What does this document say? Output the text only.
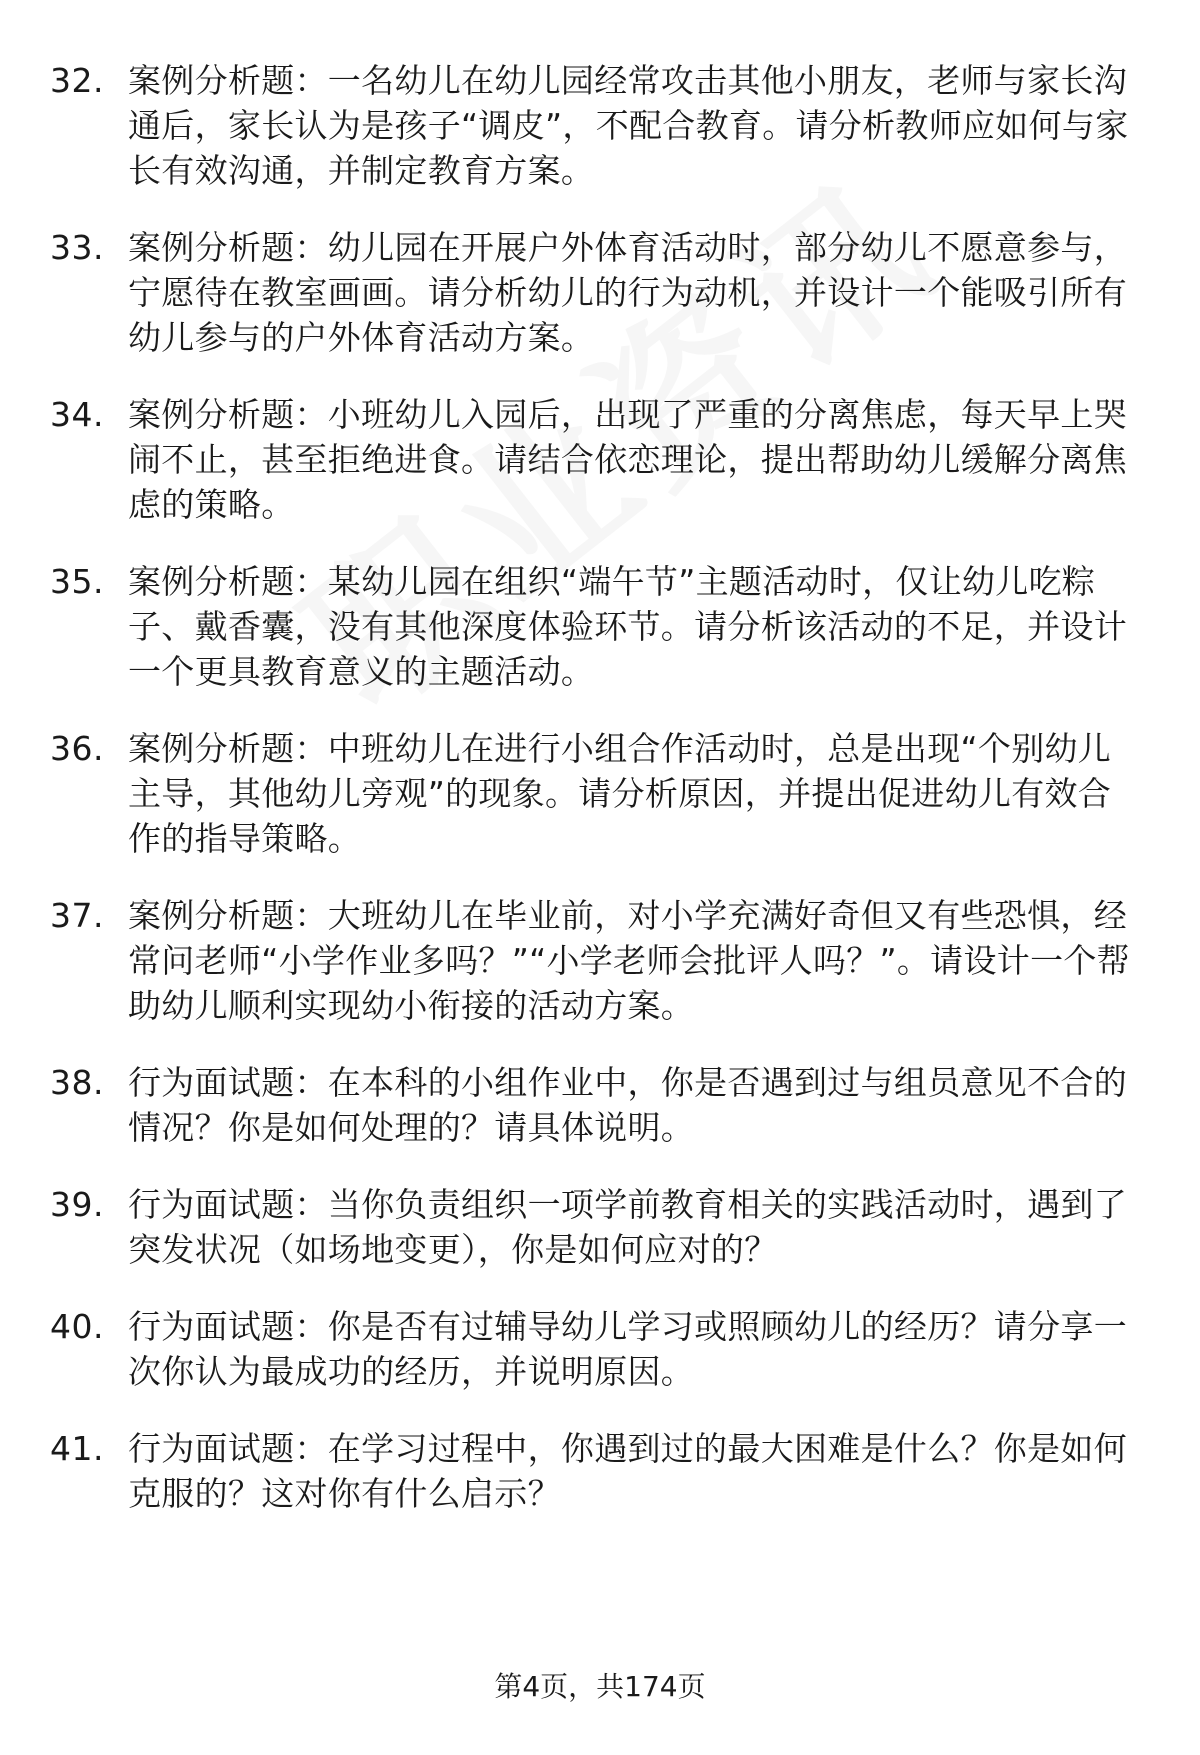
32. 案例分析题：一名幼儿在幼儿园经常攻击其他小朋友，老师与家长沟通后，家长认为是孩子“调皮”，不配合教育。请分析教师应如何与家长有效沟通，并制定教育方案。
33. 案例分析题：幼儿园在开展户外体育活动时，部分幼儿不愿意参与，宁愿待在教室画画。请分析幼儿的行为动机，并设计一个能吸引所有幼儿参与的户外体育活动方案。
34. 案例分析题：小班幼儿入园后，出现了严重的分离焦虑，每天早上哭闹不止，甚至拒绝进食。请结合依恋理论，提出帮助幼儿缓解分离焦虑的策略。
35. 案例分析题：某幼儿园在组织“端午节”主题活动时，仅让幼儿吃粽子、戴香囊，没有其他深度体验环节。请分析该活动的不足，并设计一个更具教育意义的主题活动。
36. 案例分析题：中班幼儿在进行小组合作活动时，总是出现“个别幼儿主导，其他幼儿旁观”的现象。请分析原因，并提出促进幼儿有效合作的指导策略。
37. 案例分析题：大班幼儿在毕业前，对小学充满好奇但又有些恐惧，经常问老师“小学作业多吗？”“小学老师会批评人吗？”。请设计一个帮助幼儿顺利实现幼小衔接的活动方案。
38. 行为面试题：在本科的小组作业中，你是否遇到过与组员意见不合的情况？你是如何处理的？请具体说明。
39. 行为面试题：当你负责组织一项学前教育相关的实践活动时，遇到了突发状况（如场地变更），你是如何应对的？
40. 行为面试题：你是否有过辅导幼儿学习或照顾幼儿的经历？请分享一次你认为最成功的经历，并说明原因。
41. 行为面试题：在学习过程中，你遇到过的最大困难是什么？你是如何克服的？这对你有什么启示？
第4页，共174页
